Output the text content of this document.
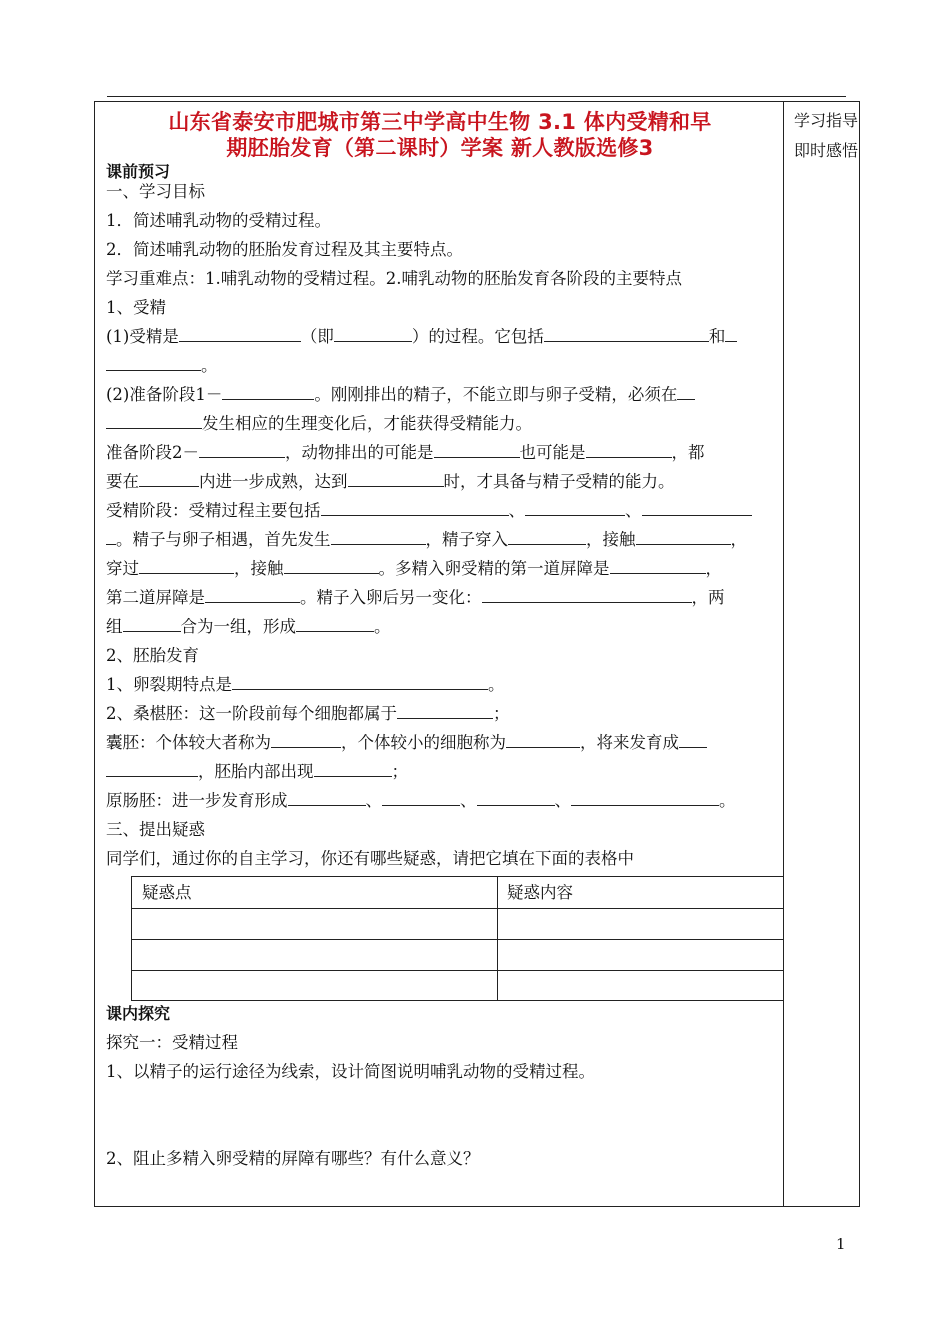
学习指导
即时感悟
山东省泰安市肥城市第三中学高中生物 3.1 体内受精和早
期胚胎发育（第二课时）学案 新人教版选修3
课前预习
一、学习目标
1．简述哺乳动物的受精过程。
2．简述哺乳动物的胚胎发育过程及其主要特点。
学习重难点：1.哺乳动物的受精过程。2.哺乳动物的胚胎发育各阶段的主要特点
1、受精
(1)受精是	（即	）的过程。它包括	和
。
(2)准备阶段1－	。刚刚排出的精子，不能立即与卵子受精，必须在
发生相应的生理变化后，才能获得受精能力。
准备阶段2－	，动物排出的可能是	也可能是	，都
要在	内进一步成熟，达到	时，才具备与精子受精的能力。
受精阶段：受精过程主要包括	、	、
。精子与卵子相遇，首先发生	，精子穿入	，接触	，
穿过	，接触	。多精入卵受精的第一道屏障是	，
第二道屏障是	。精子入卵后另一变化：	，两
组	合为一组，形成	。
2、胚胎发育
1、卵裂期特点是	。
2、桑椹胚：这一阶段前每个细胞都属于	；
囊胚：个体较大者称为	，个体较小的细胞称为	，将来发育成
，胚胎内部出现	；
原肠胚：进一步发育形成	、	、	、	。
三、提出疑惑
同学们，通过你的自主学习，你还有哪些疑惑，请把它填在下面的表格中
疑惑点	疑惑内容
课内探究
探究一：受精过程
1、以精子的运行途径为线索，设计简图说明哺乳动物的受精过程。
2、阻止多精入卵受精的屏障有哪些？有什么意义？
1
